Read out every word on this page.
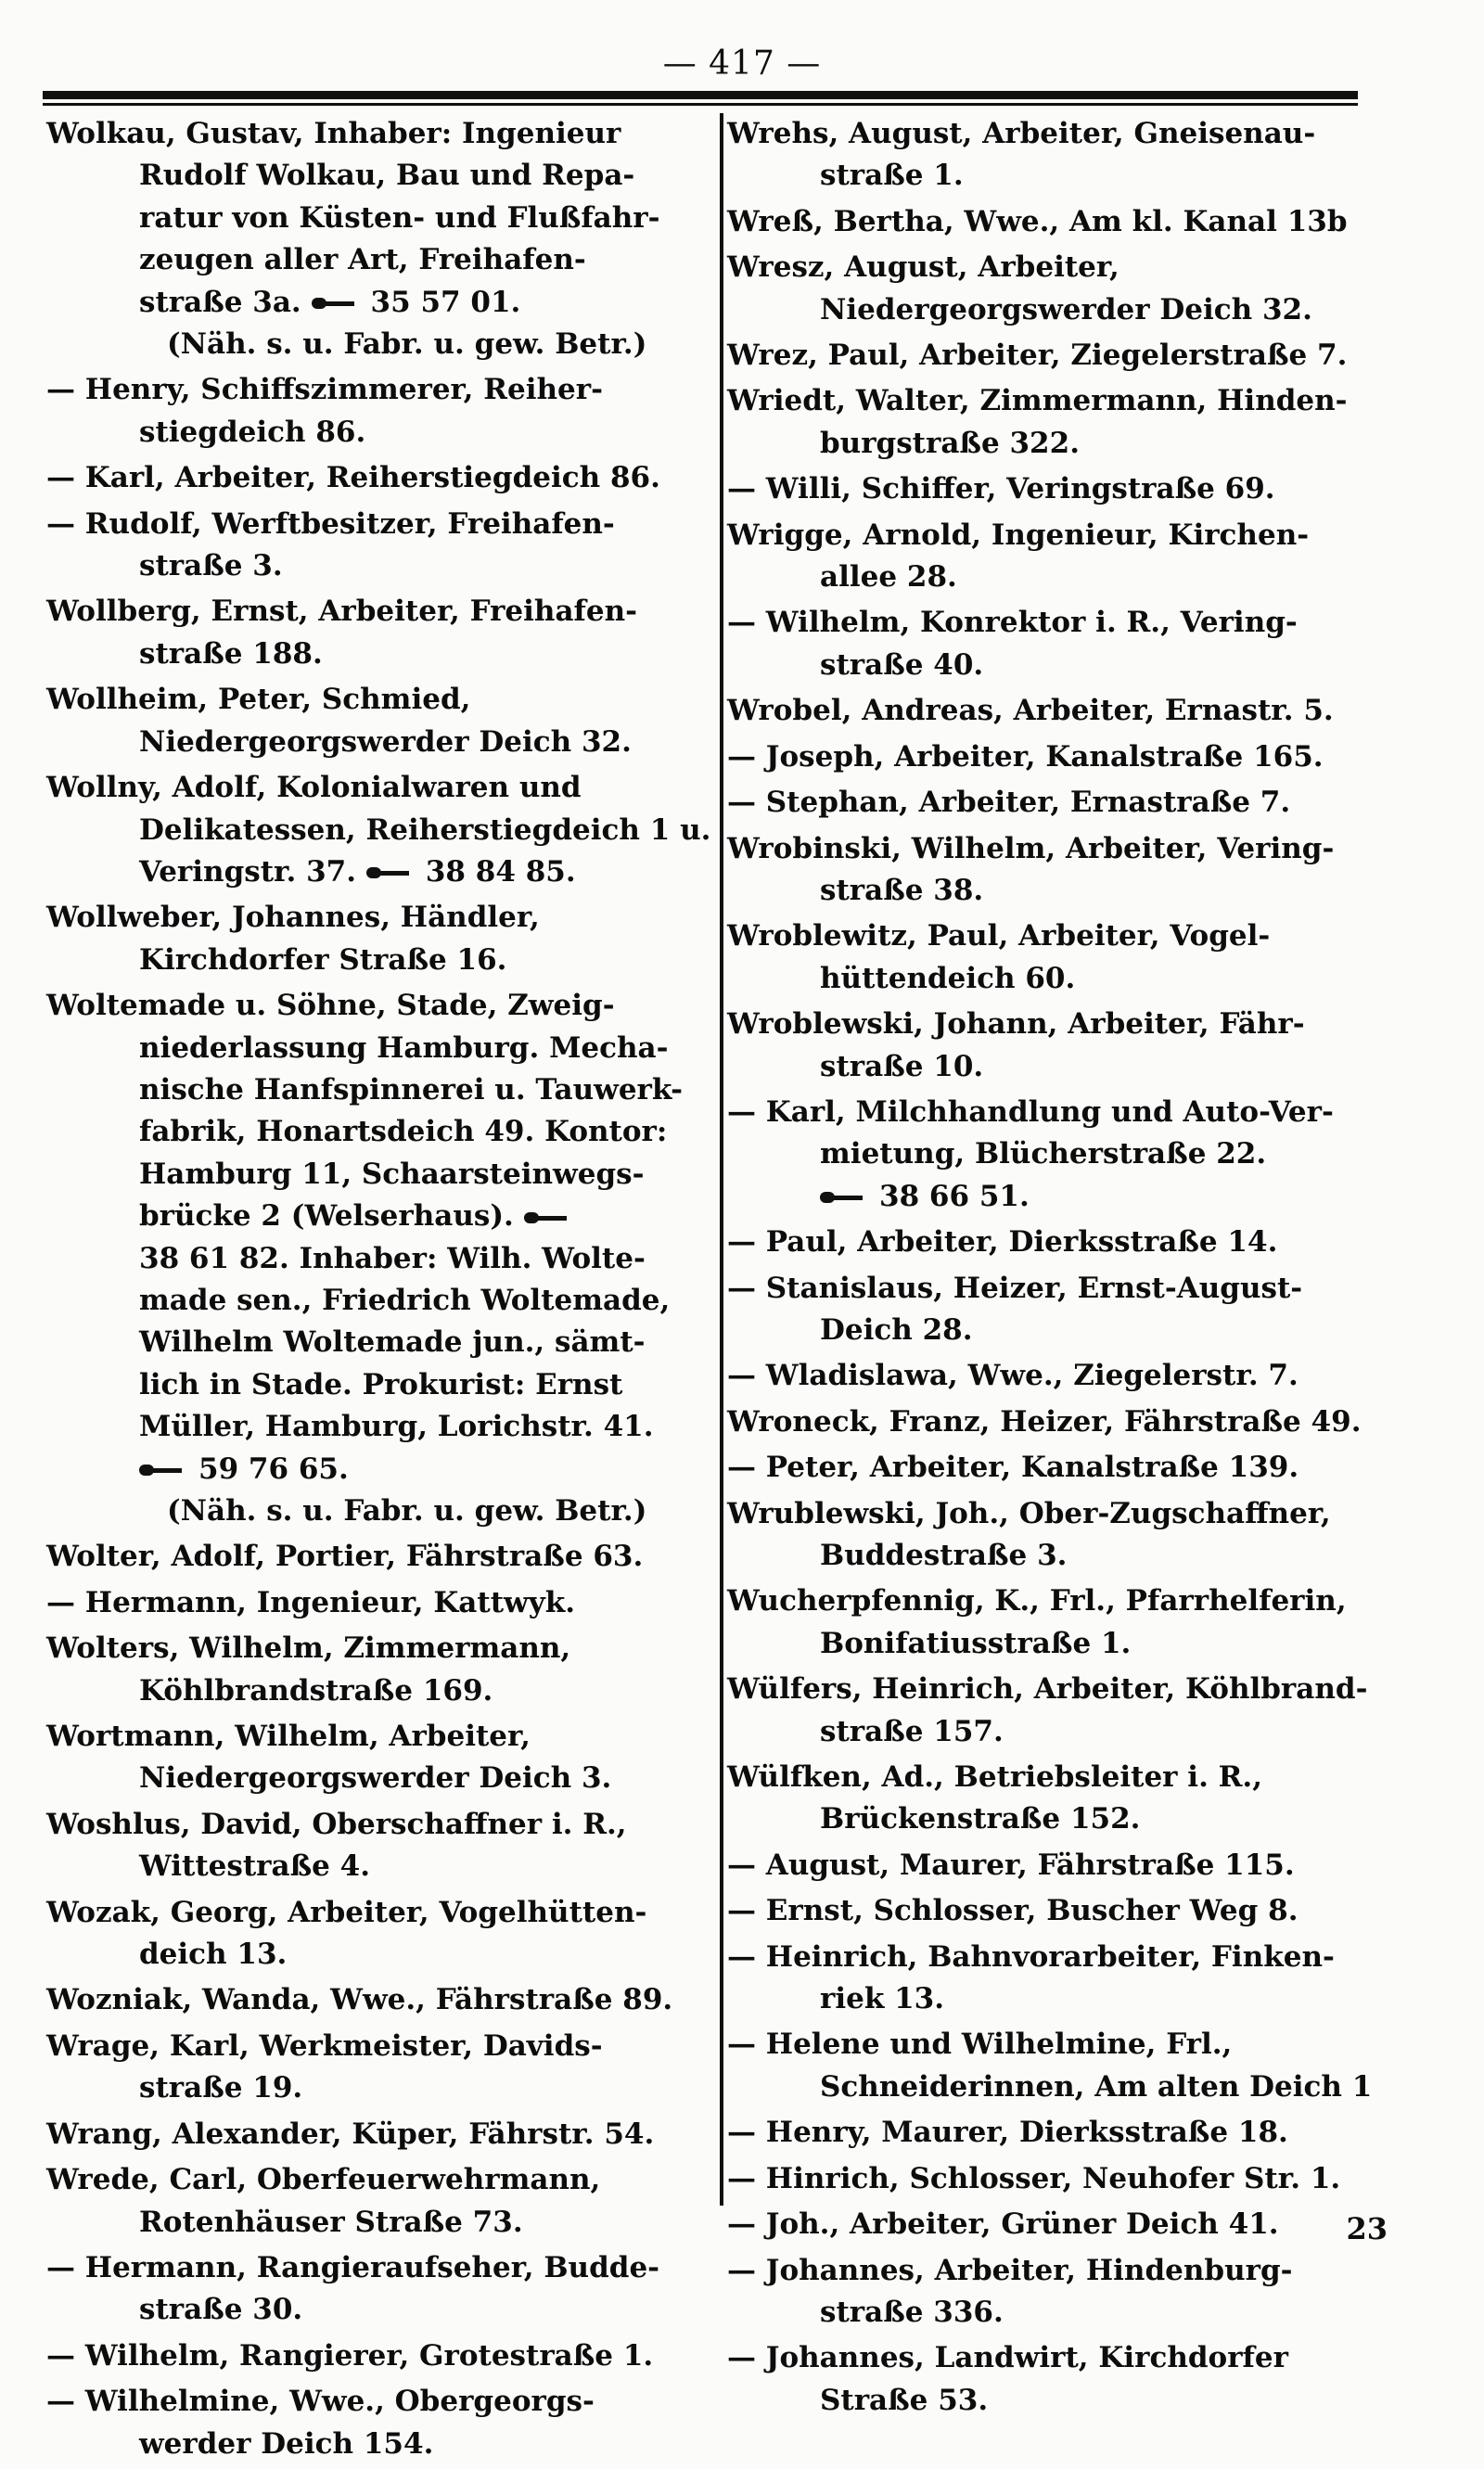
— 417 —
Wolkau, Gustav, Inhaber: Ingenieur
Rudolf Wolkau, Bau und Repa-
ratur von Küsten- und Flußfahr-
zeugen aller Art, Freihafen-
straße 3a. 35 57 01.
(Näh. s. u. Fabr. u. gew. Betr.)
— Henry, Schiffszimmerer, Reiher-
stiegdeich 86.
— Karl, Arbeiter, Reiherstiegdeich 86.
— Rudolf, Werftbesitzer, Freihafen-
straße 3.
Wollberg, Ernst, Arbeiter, Freihafen-
straße 188.
Wollheim, Peter, Schmied,
Niedergeorgswerder Deich 32.
Wollny, Adolf, Kolonialwaren und
Delikatessen, Reiherstiegdeich 1 u.
Veringstr. 37. 38 84 85.
Wollweber, Johannes, Händler,
Kirchdorfer Straße 16.
Woltemade u. Söhne, Stade, Zweig-
niederlassung Hamburg. Mecha-
nische Hanfspinnerei u. Tauwerk-
fabrik, Honartsdeich 49. Kontor:
Hamburg 11, Schaarsteinwegs-
brücke 2 (Welserhaus).
38 61 82. Inhaber: Wilh. Wolte-
made sen., Friedrich Woltemade,
Wilhelm Woltemade jun., sämt-
lich in Stade. Prokurist: Ernst
Müller, Hamburg, Lorichstr. 41.
59 76 65.
(Näh. s. u. Fabr. u. gew. Betr.)
Wolter, Adolf, Portier, Fährstraße 63.
— Hermann, Ingenieur, Kattwyk.
Wolters, Wilhelm, Zimmermann,
Köhlbrandstraße 169.
Wortmann, Wilhelm, Arbeiter,
Niedergeorgswerder Deich 3.
Woshlus, David, Oberschaffner i. R.,
Wittestraße 4.
Wozak, Georg, Arbeiter, Vogelhütten-
deich 13.
Wozniak, Wanda, Wwe., Fährstraße 89.
Wrage, Karl, Werkmeister, Davids-
straße 19.
Wrang, Alexander, Küper, Fährstr. 54.
Wrede, Carl, Oberfeuerwehrmann,
Rotenhäuser Straße 73.
— Hermann, Rangieraufseher, Budde-
straße 30.
— Wilhelm, Rangierer, Grotestraße 1.
— Wilhelmine, Wwe., Obergeorgs-
werder Deich 154.
Wrehs, August, Arbeiter, Gneisenau-
straße 1.
Wreß, Bertha, Wwe., Am kl. Kanal 13b
Wresz, August, Arbeiter,
Niedergeorgswerder Deich 32.
Wrez, Paul, Arbeiter, Ziegelerstraße 7.
Wriedt, Walter, Zimmermann, Hinden-
burgstraße 322.
— Willi, Schiffer, Veringstraße 69.
Wrigge, Arnold, Ingenieur, Kirchen-
allee 28.
— Wilhelm, Konrektor i. R., Vering-
straße 40.
Wrobel, Andreas, Arbeiter, Ernastr. 5.
— Joseph, Arbeiter, Kanalstraße 165.
— Stephan, Arbeiter, Ernastraße 7.
Wrobinski, Wilhelm, Arbeiter, Vering-
straße 38.
Wroblewitz, Paul, Arbeiter, Vogel-
hüttendeich 60.
Wroblewski, Johann, Arbeiter, Fähr-
straße 10.
— Karl, Milchhandlung und Auto-Ver-
mietung, Blücherstraße 22.
38 66 51.
— Paul, Arbeiter, Dierksstraße 14.
— Stanislaus, Heizer, Ernst-August-
Deich 28.
— Wladislawa, Wwe., Ziegelerstr. 7.
Wroneck, Franz, Heizer, Fährstraße 49.
— Peter, Arbeiter, Kanalstraße 139.
Wrublewski, Joh., Ober-Zugschaffner,
Buddestraße 3.
Wucherpfennig, K., Frl., Pfarrhelferin,
Bonifatiusstraße 1.
Wülfers, Heinrich, Arbeiter, Köhlbrand-
straße 157.
Wülfken, Ad., Betriebsleiter i. R.,
Brückenstraße 152.
— August, Maurer, Fährstraße 115.
— Ernst, Schlosser, Buscher Weg 8.
— Heinrich, Bahnvorarbeiter, Finken-
riek 13.
— Helene und Wilhelmine, Frl.,
Schneiderinnen, Am alten Deich 1
— Henry, Maurer, Dierksstraße 18.
— Hinrich, Schlosser, Neuhofer Str. 1.
— Joh., Arbeiter, Grüner Deich 41.
— Johannes, Arbeiter, Hindenburg-
straße 336.
— Johannes, Landwirt, Kirchdorfer
Straße 53.
23
